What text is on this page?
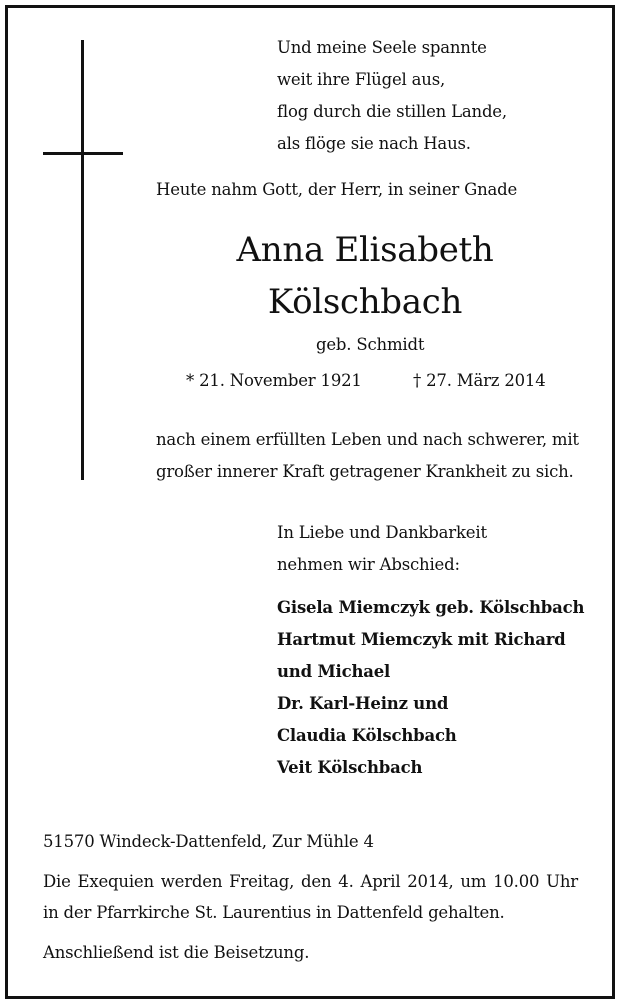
Und meine Seele spannte
weit ihre Flügel aus,
flog durch die stillen Lande,
als flöge sie nach Haus.
Heute nahm Gott, der Herr, in seiner Gnade
Anna Elisabeth
Kölschbach
geb. Schmidt
* 21. November 1921	† 27. März 2014
nach einem erfüllten Leben und nach schwerer, mit
großer innerer Kraft getragener Krankheit zu sich.
In Liebe und Dankbarkeit
nehmen wir Abschied:
Gisela Miemczyk geb. Kölschbach
Hartmut Miemczyk mit Richard
und Michael
Dr. Karl-Heinz und
Claudia Kölschbach
Veit Kölschbach
51570 Windeck-Dattenfeld, Zur Mühle 4
Die Exequien werden Freitag, den 4. April 2014, um 10.00 Uhr
in der Pfarrkirche St. Laurentius in Dattenfeld gehalten.
Anschließend ist die Beisetzung.
